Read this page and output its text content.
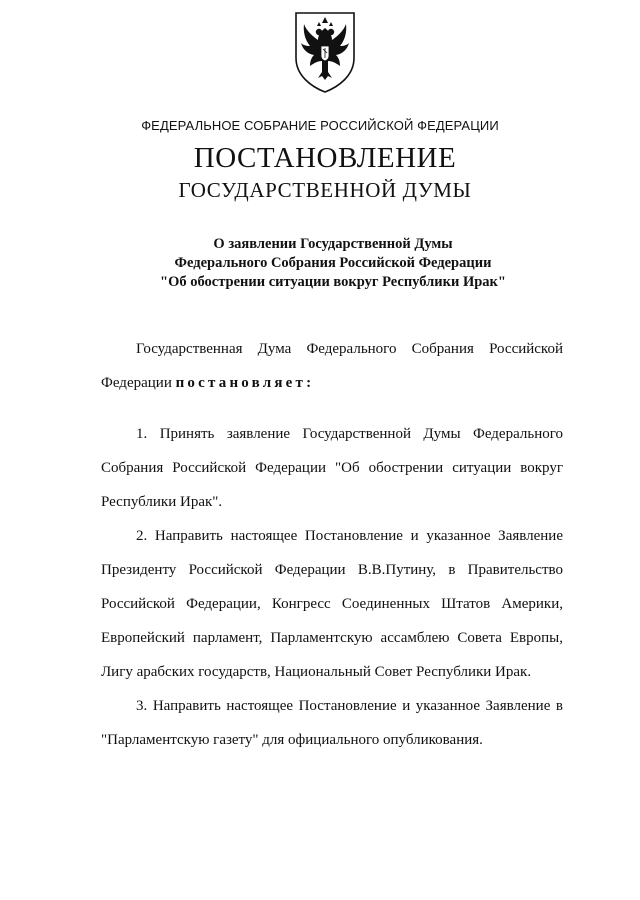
ФЕДЕРАЛЬНОЕ СОБРАНИЕ РОССИЙСКОЙ ФЕДЕРАЦИИ
ПОСТАНОВЛЕНИЕ
ГОСУДАРСТВЕННОЙ ДУМЫ
О заявлении Государственной Думы
Федерального Собрания Российской Федерации
"Об обострении ситуации вокруг Республики Ирак"
Государственная Дума Федерального Собрания Российской
Федерации постановляет:
1. Принять заявление Государственной Думы Федерального
Собрания Российской Федерации "Об обострении ситуации вокруг
Республики Ирак".
2. Направить настоящее Постановление и указанное Заявление
Президенту Российской Федерации В.В.Путину, в Правительство
Российской Федерации, Конгресс Соединенных Штатов Америки,
Европейский парламент, Парламентскую ассамблею Совета Европы,
Лигу арабских государств, Национальный Совет Республики Ирак.
3. Направить настоящее Постановление и указанное Заявление в
"Парламентскую газету" для официального опубликования.
